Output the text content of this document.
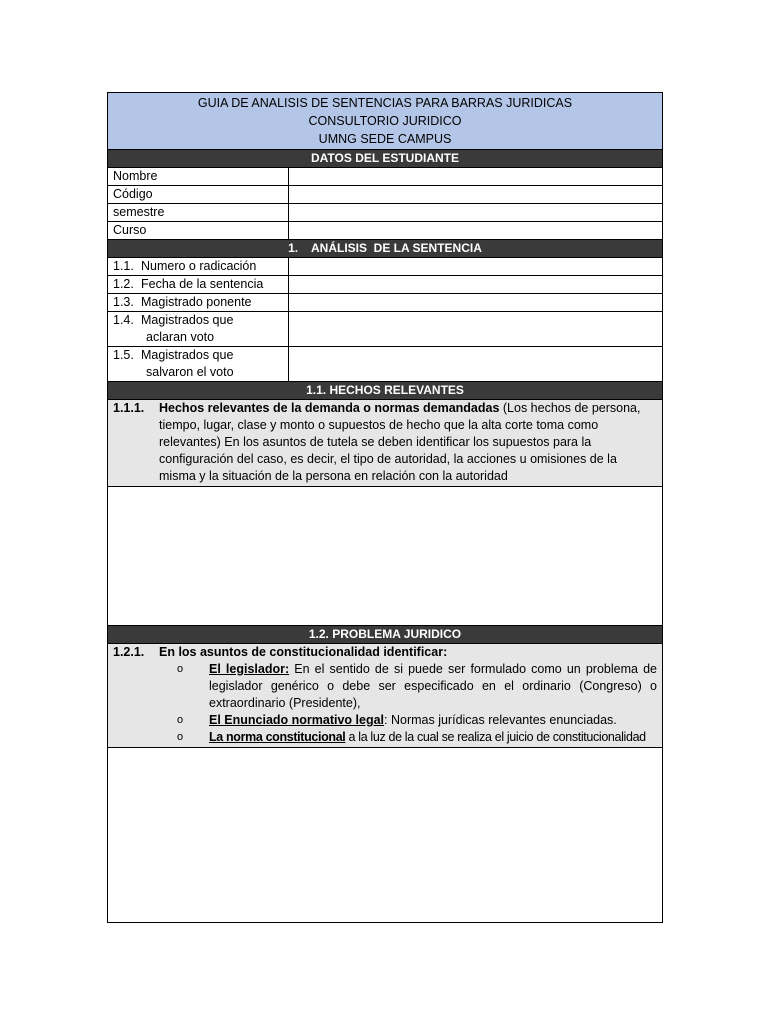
GUIA DE ANALISIS DE SENTENCIAS PARA BARRAS JURIDICAS
CONSULTORIO JURIDICO
UMNG SEDE CAMPUS
DATOS DEL ESTUDIANTE
Nombre
Código
semestre
Curso
1.    ANÁLISIS  DE LA SENTENCIA
1.1. Numero o radicación
1.2. Fecha de la sentencia
1.3. Magistrado ponente
1.4. Magistrados que
aclaran voto
1.5. Magistrados que
salvaron el voto
1.1. HECHOS RELEVANTES
1.1.1.	Hechos relevantes de la demanda o normas demandadas (Los hechos de persona, tiempo, lugar, clase y monto o supuestos de hecho que la alta corte toma como relevantes) En los asuntos de tutela se deben identificar los supuestos para la configuración del caso, es decir, el tipo de autoridad, la acciones u omisiones de la misma y la situación de la persona en relación con la autoridad
1.2. PROBLEMA JURIDICO
1.2.1.	En los asuntos de constitucionalidad identificar:
o	El legislador: En el sentido de si puede ser formulado como un problema de legislador genérico o debe ser especificado en el ordinario (Congreso) o extraordinario (Presidente),
o	El Enunciado normativo legal: Normas jurídicas relevantes enunciadas.
o	La norma constitucional a la luz de la cual se realiza el juicio de constitucionalidad
